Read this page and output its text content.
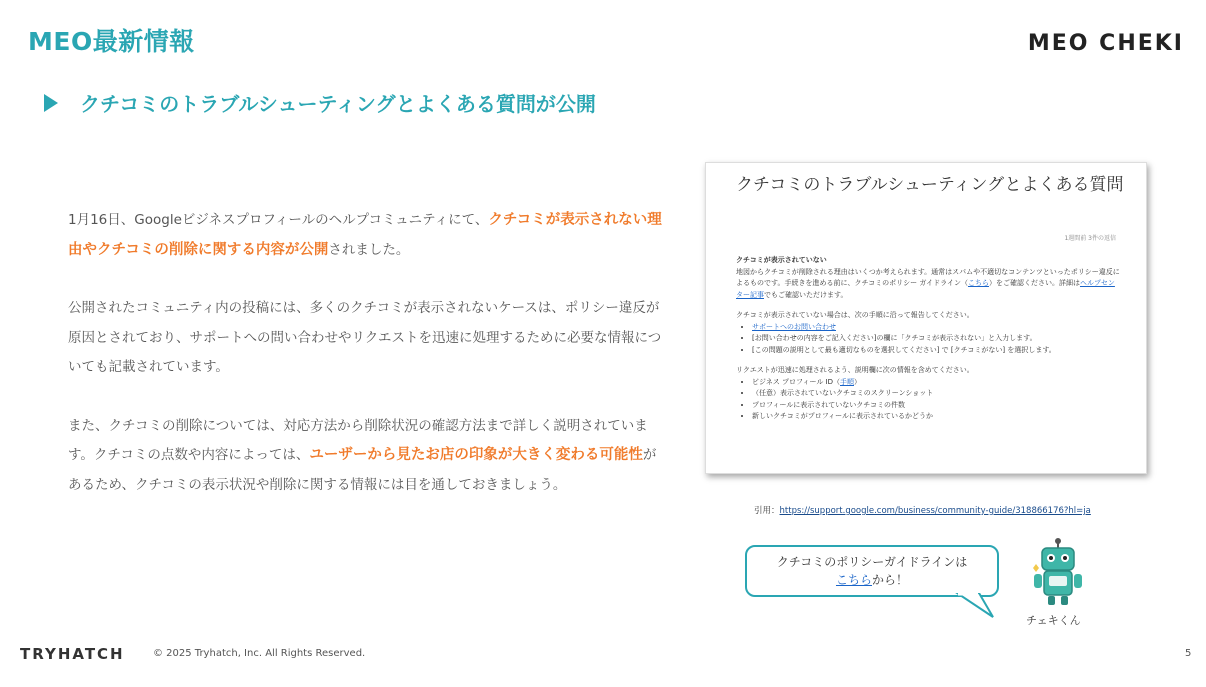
MEO最新情報	MEO CHEKI
クチコミのトラブルシューティングとよくある質問が公開

1月16日、Googleビジネスプロフィールのヘルプコミュニティにて、クチコミが表示されない理由やクチコミの削除に関する内容が公開されました。

公開されたコミュニティ内の投稿には、多くのクチコミが表示されないケースは、ポリシー違反が原因とされており、サポートへの問い合わせやリクエストを迅速に処理するために必要な情報についても記載されています。

また、クチコミの削除については、対応方法から削除状況の確認方法まで詳しく説明されています。クチコミの点数や内容によっては、ユーザーから見たお店の印象が大きく変わる可能性があるため、クチコミの表示状況や削除に関する情報には目を通しておきましょう。

クチコミのトラブルシューティングとよくある質問
1週間前 3件の返信
クチコミが表示されていない
地図からクチコミが削除される理由はいくつか考えられます。通常はスパムや不適切なコンテンツといったポリシー違反によるものです。手続きを進める前に、クチコミのポリシー ガイドライン（こちら）をご確認ください。詳細はヘルプセンター記事でもご確認いただけます。
クチコミが表示されていない場合は、次の手順に沿って報告してください。
• サポートへのお問い合わせ
• [お問い合わせの内容をご記入ください]の欄に「クチコミが表示されない」と入力します。
• [この問題の説明として最も適切なものを選択してください] で [クチコミがない] を選択します。
リクエストが迅速に処理されるよう、説明欄に次の情報を含めてください。
• ビジネス プロフィール ID（手順）
• （任意）表示されていないクチコミのスクリーンショット
• プロフィールに表示されていないクチコミの件数
• 新しいクチコミがプロフィールに表示されているかどうか
引用：https://support.google.com/business/community-guide/318866176?hl=ja
クチコミのポリシーガイドラインは
こちらから！
チェキくん
TRYHATCH	© 2025 Tryhatch, Inc. All Rights Reserved.	5
